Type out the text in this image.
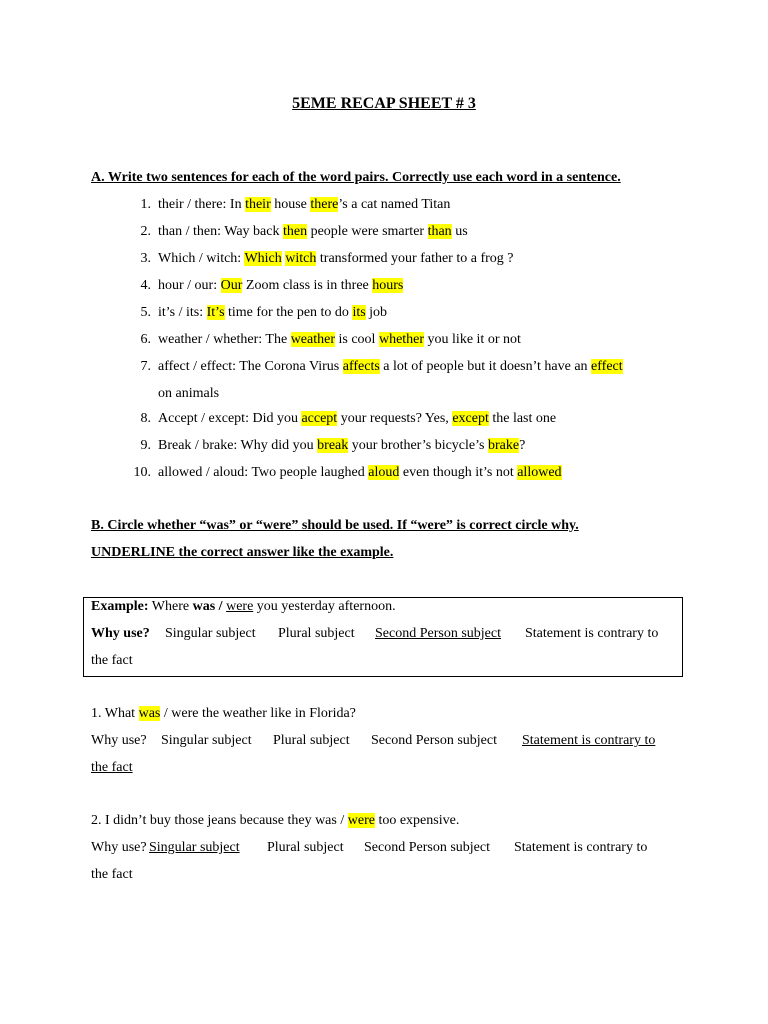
5EME RECAP SHEET # 3
A. Write two sentences for each of the word pairs. Correctly use each word in a sentence.
1. their / there: In their house there’s a cat named Titan
2. than / then: Way back then people were smarter than us
3. Which / witch: Which witch transformed your father to a frog ?
4. hour / our: Our Zoom class is in three hours
5. it’s / its: It’s time for the pen to do its job
6. weather / whether: The weather is cool whether you like it or not
7. affect / effect: The Corona Virus affects a lot of people but it doesn’t have an effect
on animals
8. Accept / except: Did you accept your requests? Yes, except the last one
9. Break / brake: Why did you break your brother’s bicycle’s brake?
10. allowed / aloud: Two people laughed aloud even though it’s not allowed
B. Circle whether “was” or “were” should be used. If “were” is correct circle why.
UNDERLINE the correct answer like the example.
Example: Where was / were you yesterday afternoon.
Why use? Singular subject Plural subject Second Person subject Statement is contrary to
the fact
1. What was / were the weather like in Florida?
Why use? Singular subject Plural subject Second Person subject Statement is contrary to
the fact
2. I didn’t buy those jeans because they was / were too expensive.
Why use? Singular subject Plural subject Second Person subject Statement is contrary to
the fact
